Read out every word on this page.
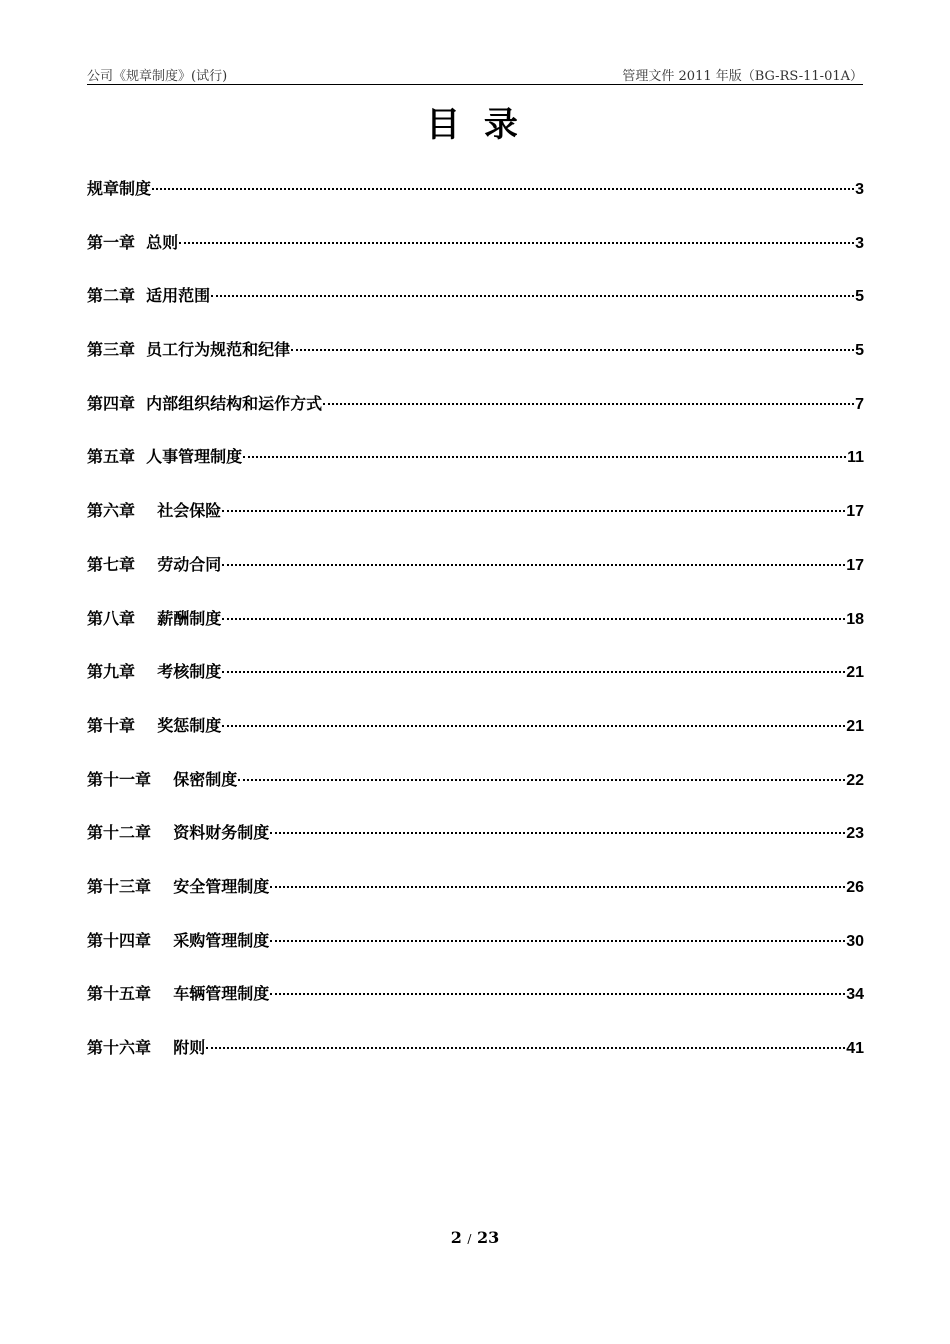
公司《规章制度》(试行)	管理文件 2011 年版（BG-RS-11-01A）
目 录
规章制度	3
第一章  总则	3
第二章  适用范围	5
第三章  员工行为规范和纪律	5
第四章  内部组织结构和运作方式	7
第五章  人事管理制度	11
第六章    社会保险	17
第七章    劳动合同	17
第八章    薪酬制度	18
第九章    考核制度	21
第十章    奖惩制度	21
第十一章    保密制度	22
第十二章    资料财务制度	23
第十三章    安全管理制度	26
第十四章    采购管理制度	30
第十五章    车辆管理制度	34
第十六章    附则	41
2 / 23
